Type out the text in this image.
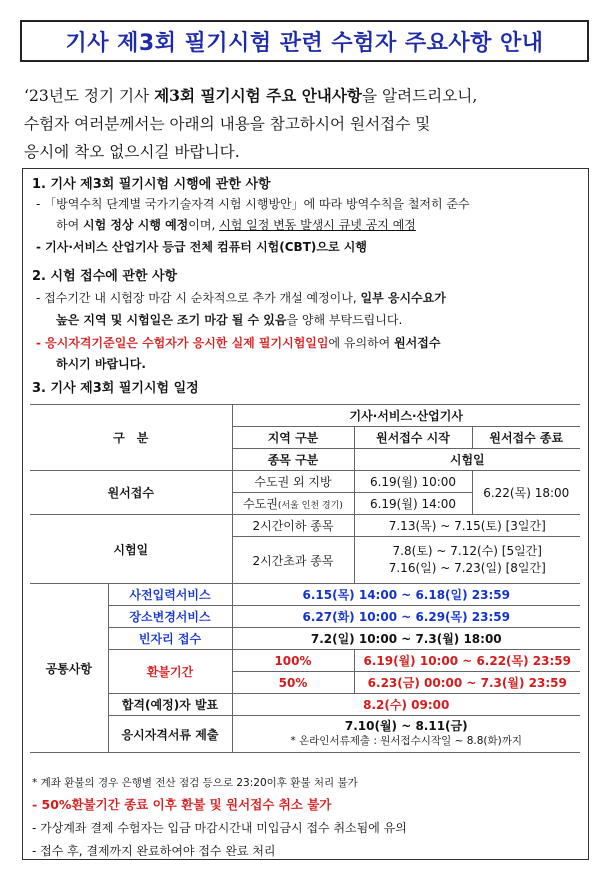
기사 제3회 필기시험 관련 수험자 주요사항 안내
‘23년도 정기 기사 제3회 필기시험 주요 안내사항을 알려드리오니,
수험자 여러분께서는 아래의 내용을 참고하시어 원서접수 및
응시에 착오 없으시길 바랍니다.
1. 기사 제3회 필기시험 시행에 관한 사항
- 「방역수칙 단계별 국가기술자격 시험 시행방안」에 따라 방역수칙을 철저히 준수
하여 시험 정상 시행 예정이며, 시험 일정 변동 발생시 큐넷 공지 예정
- 기사·서비스 산업기사 등급 전체 컴퓨터 시험(CBT)으로 시행
2. 시험 접수에 관한 사항
- 접수기간 내 시험장 마감 시 순차적으로 추가 개설 예정이나, 일부 응시수요가
높은 지역 및 시험일은 조기 마감 될 수 있음을 양해 부탁드립니다.
- 응시자격기준일은 수험자가 응시한 실제 필기시험일임에 유의하여 원서접수
하시기 바랍니다.
3. 기사 제3회 필기시험 일정
구　분		기사·서비스·산업기사		
		지역 구분	원서접수 시작	원서접수 종료
		종목 구분	시험일	
원서접수		수도권 외 지방	6.19(월) 10:00	6.22(목) 18:00
		수도권(서울 인천 경기)	6.19(월) 14:00	
시험일		2시간이하 종목	7.13(목) ~ 7.15(토) [3일간]	
		2시간초과 종목	7.8(토) ~ 7.12(수) [5일간]
7.16(일) ~ 7.23(일) [8일간]	

공통사항	사전입력서비스	6.15(목) 14:00 ~ 6.18(일) 23:59		
	장소변경서비스	6.27(화) 10:00 ~ 6.29(목) 23:59		
	빈자리 접수	7.2(일) 10:00 ~ 7.3(월) 18:00		
	환불기간	100%	6.19(월) 10:00 ~ 6.22(목) 23:59	
		50%	6.23(금) 00:00 ~ 7.3(월) 23:59	
	합격(예정)자 발표	8.2(수) 09:00		
	응시자격서류 제출	7.10(월) ~ 8.11(금)
* 온라인서류제출 : 원서접수시작일 ~ 8.8(화)까지		
* 계좌 환불의 경우 은행별 전산 점검 등으로 23:20이후 환불 처리 불가
- 50%환불기간 종료 이후 환불 및 원서접수 취소 불가
- 가상계좌 결제 수험자는 입금 마감시간내 미입금시 접수 취소됨에 유의
- 접수 후, 결제까지 완료하여야 접수 완료 처리
